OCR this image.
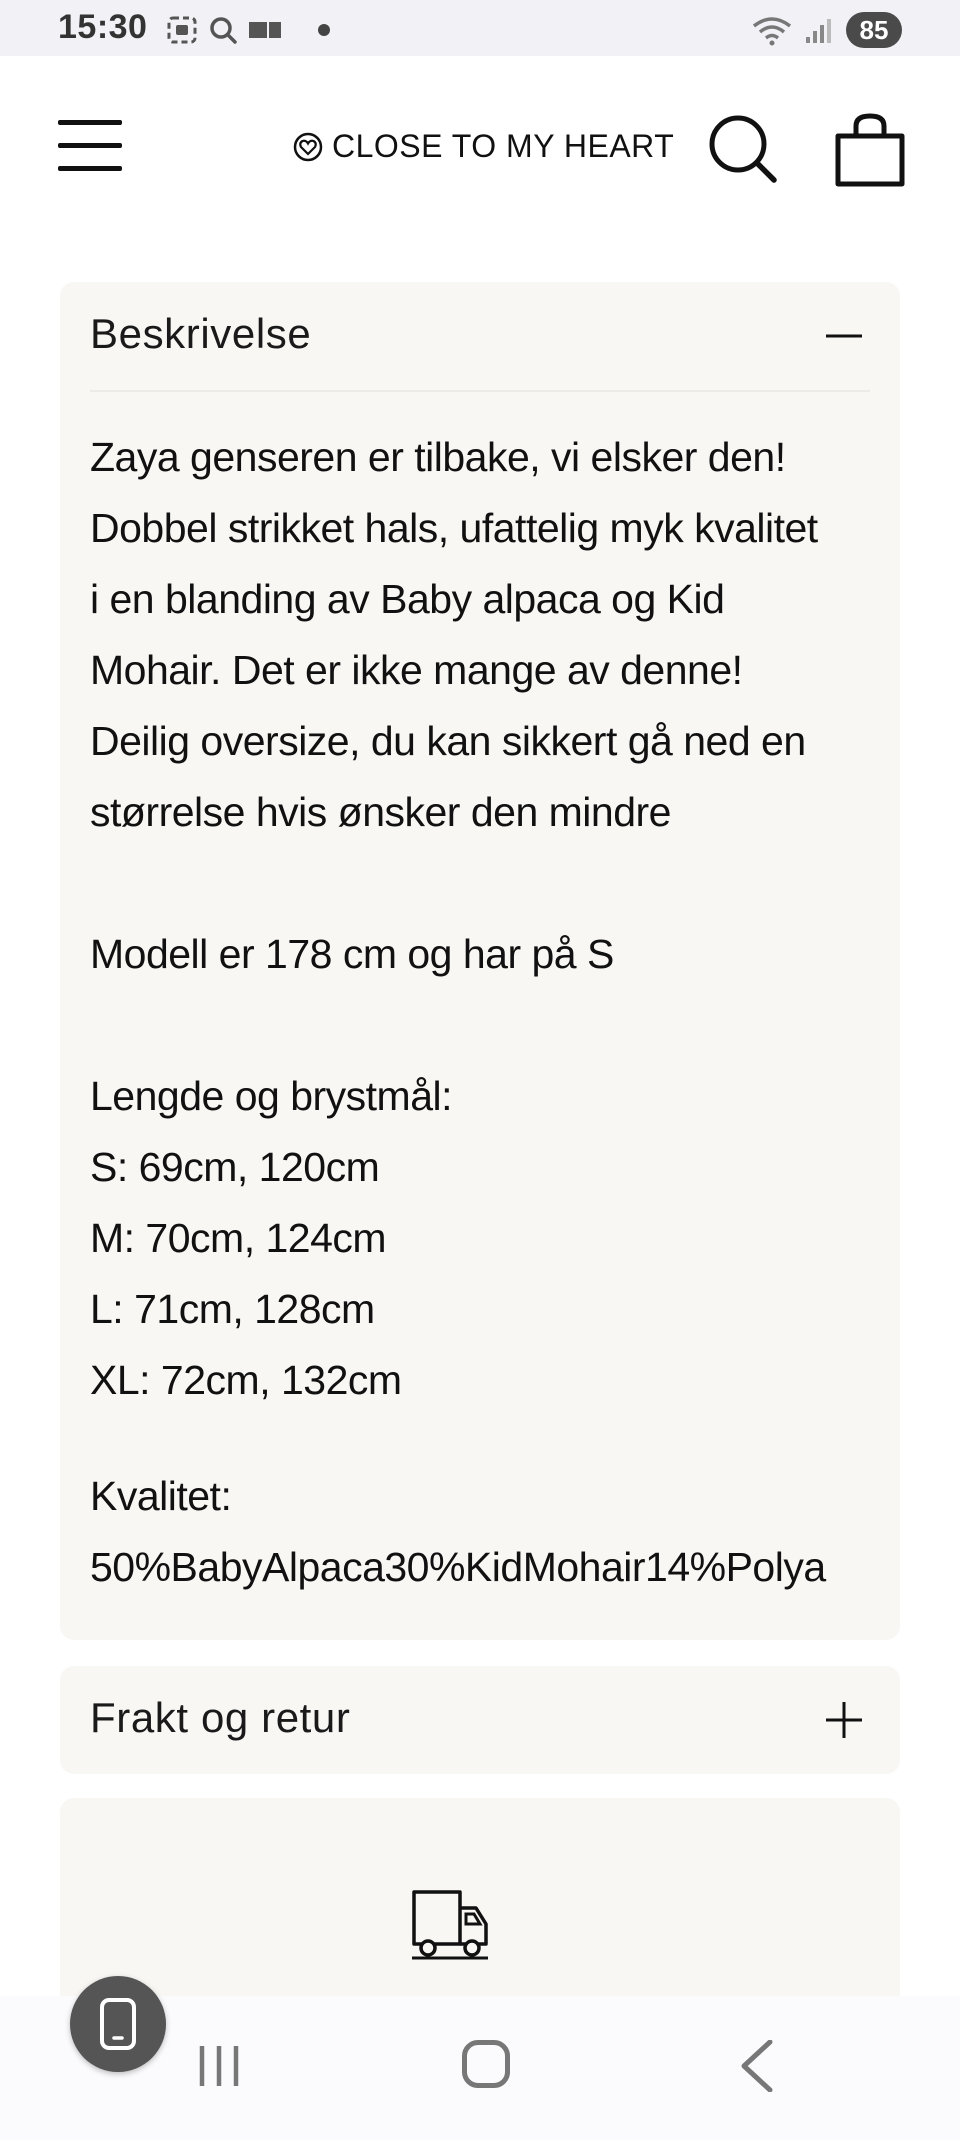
15:30	85
CLOSE TO MY HEART
Beskrivelse

Zaya genseren er tilbake, vi elsker den!

Dobbel strikket hals, ufattelig myk kvalitet

i en blanding av Baby alpaca og Kid

Mohair. Det er ikke mange av denne!

Deilig oversize, du kan sikkert gå ned en

størrelse hvis ønsker den mindre

Modell er 178 cm og har på S

Lengde og brystmål:

S: 69cm, 120cm

M: 70cm, 124cm

L: 71cm, 128cm

XL: 72cm, 132cm

Kvalitet:

50%BabyAlpaca30%KidMohair14%Polya

Frakt og retur
